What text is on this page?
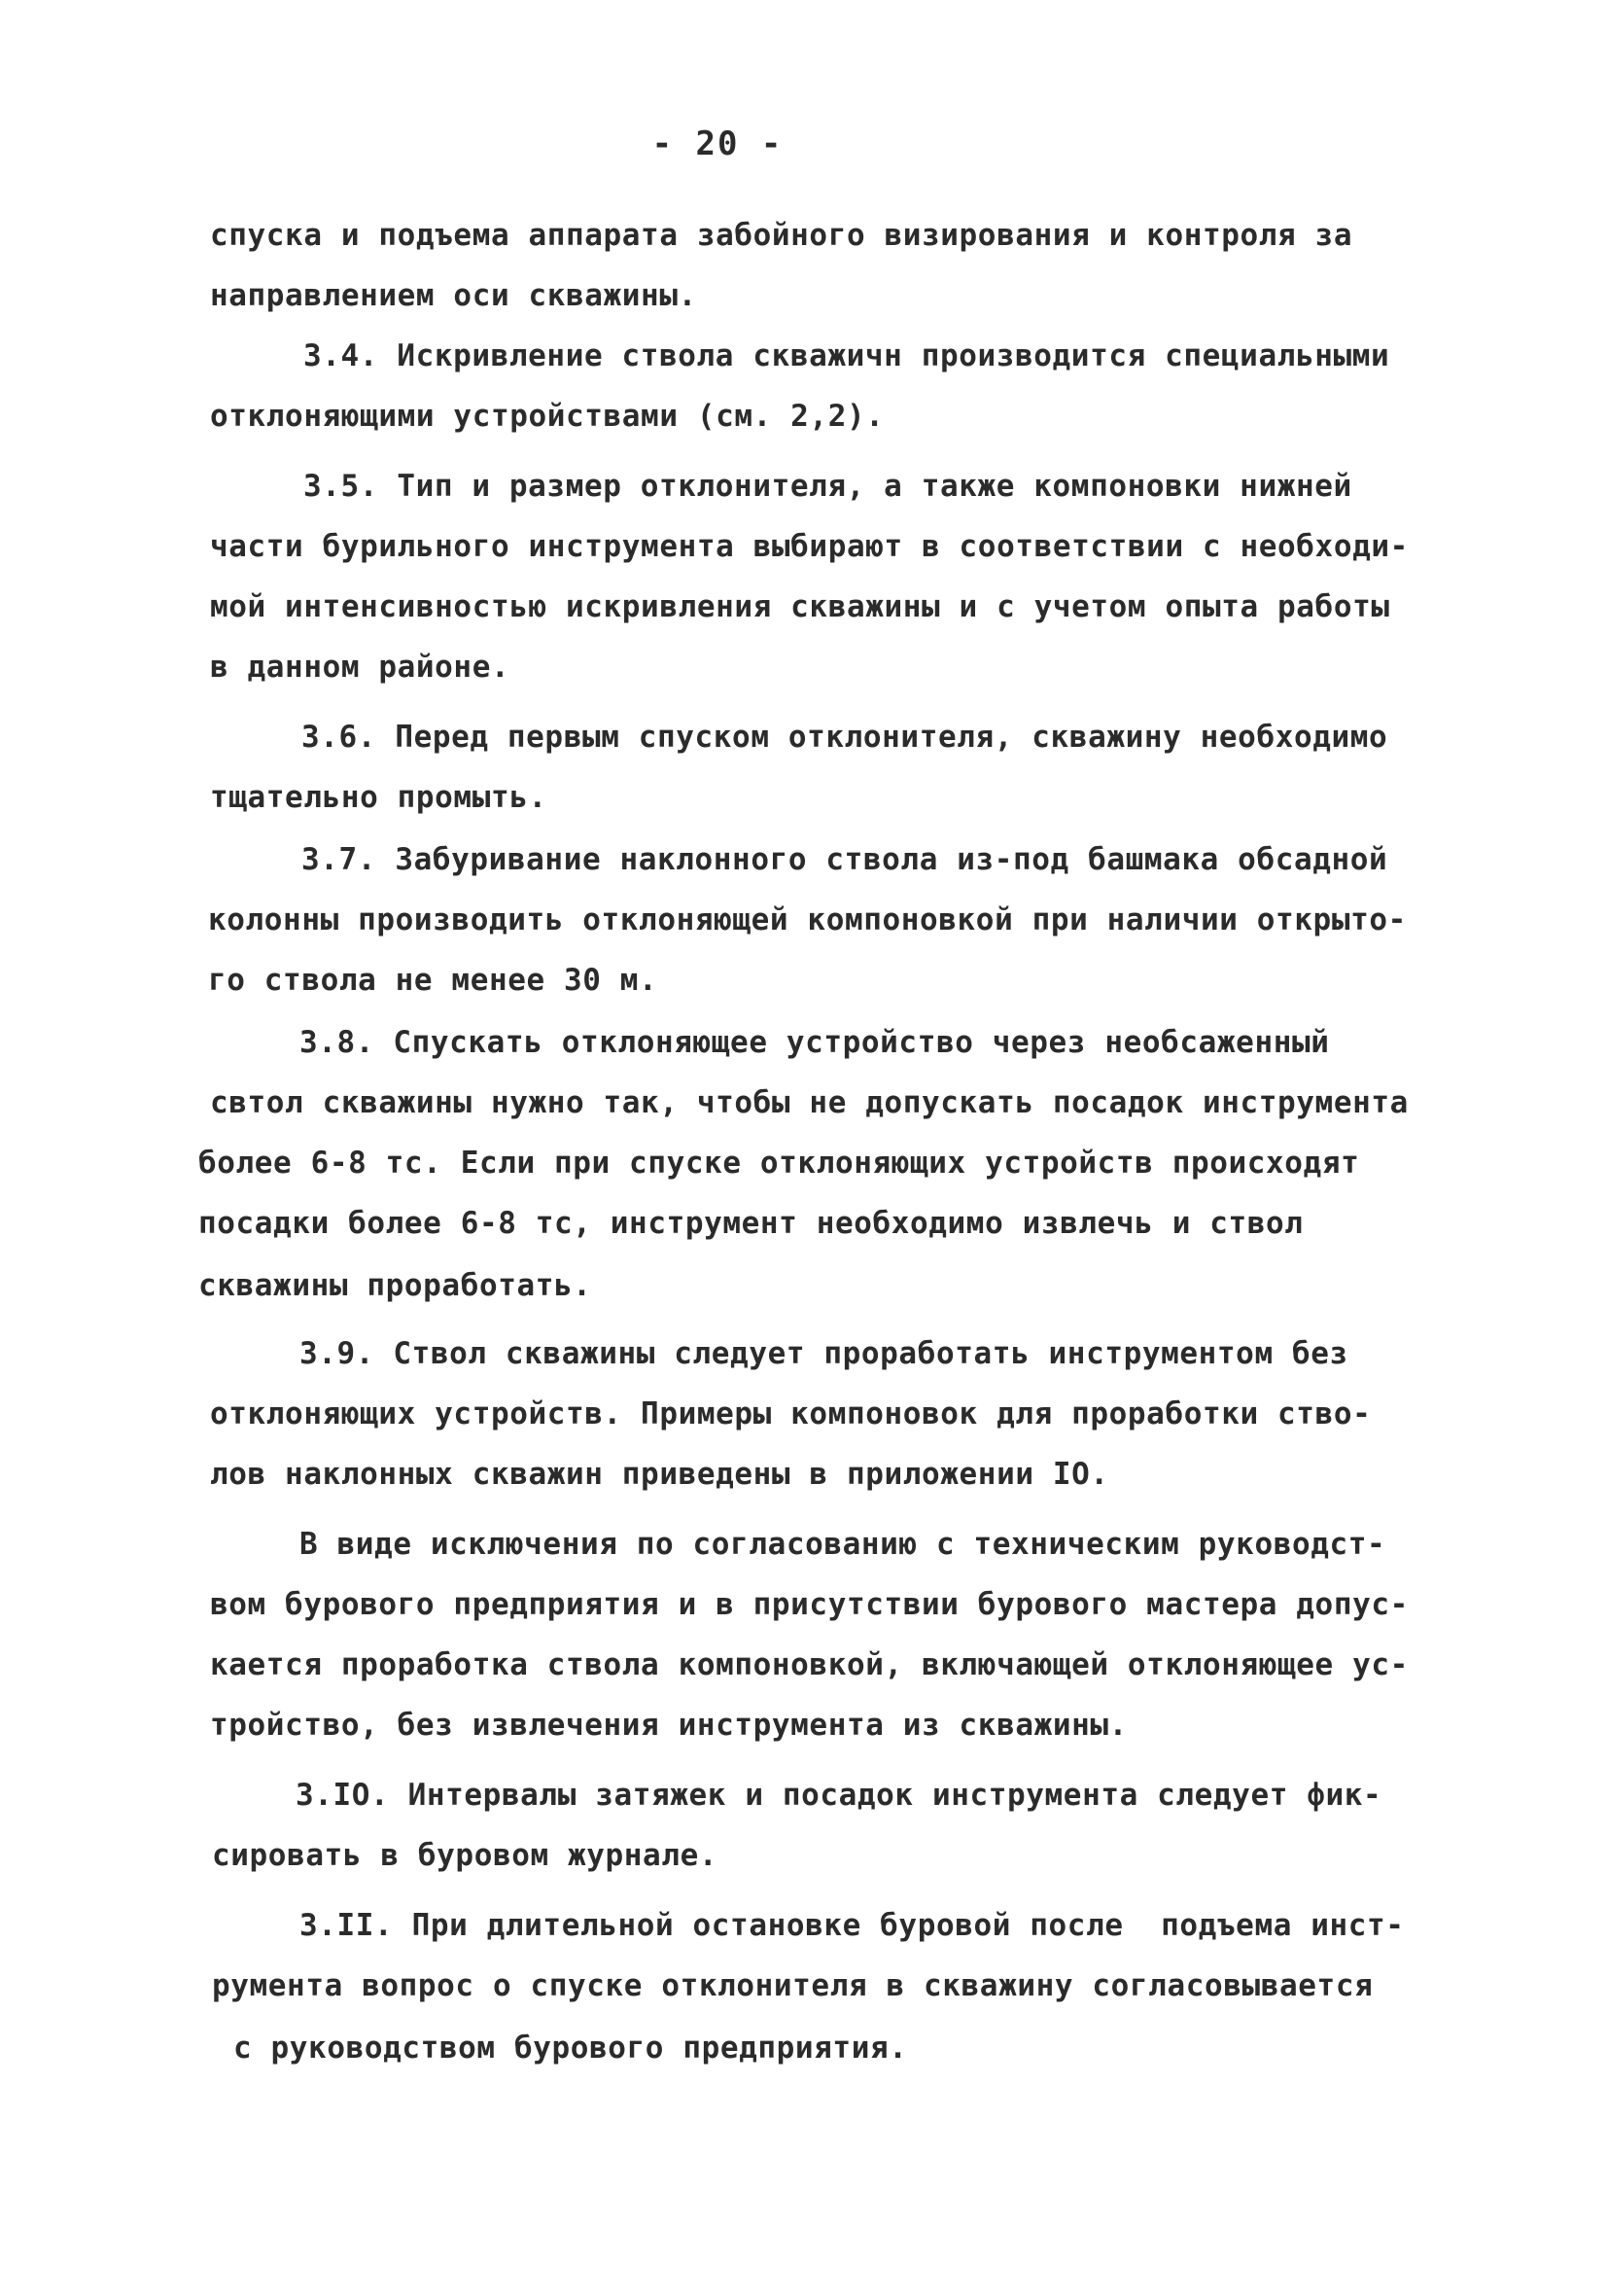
- 20 -
спуска и подъема аппарата забойного визирования и контроля за
направлением оси скважины.
3.4. Искривление ствола скважичн производится специальными
отклоняющими устройствами (см. 2,2).
3.5. Тип и размер отклонителя, а также компоновки нижней
части бурильного инструмента выбирают в соответствии с необходи-
мой интенсивностью искривления скважины и с учетом опыта работы
в данном районе.
3.6. Перед первым спуском отклонителя, скважину необходимо
тщательно промыть.
3.7. Забуривание наклонного ствола из-под башмака обсадной
колонны производить отклоняющей компоновкой при наличии открыто-
го ствола не менее 30 м.
3.8. Спускать отклоняющее устройство через необсаженный
свтол скважины нужно так, чтобы не допускать посадок инструмента
более 6-8 тс. Если при спуске отклоняющих устройств происходят
посадки более 6-8 тс, инструмент необходимо извлечь и ствол
скважины проработать.
3.9. Ствол скважины следует проработать инструментом без
отклоняющих устройств. Примеры компоновок для проработки ство-
лов наклонных скважин приведены в приложении IO.
В виде исключения по согласованию с техническим руководст-
вом бурового предприятия и в присутствии бурового мастера допус-
кается проработка ствола компоновкой, включающей отклоняющее ус-
тройство, без извлечения инструмента из скважины.
3.IO. Интервалы затяжек и посадок инструмента следует фик-
сировать в буровом журнале.
3.II. При длительной остановке буровой после  подъема инст-
румента вопрос о спуске отклонителя в скважину согласовывается
с руководством бурового предприятия.
